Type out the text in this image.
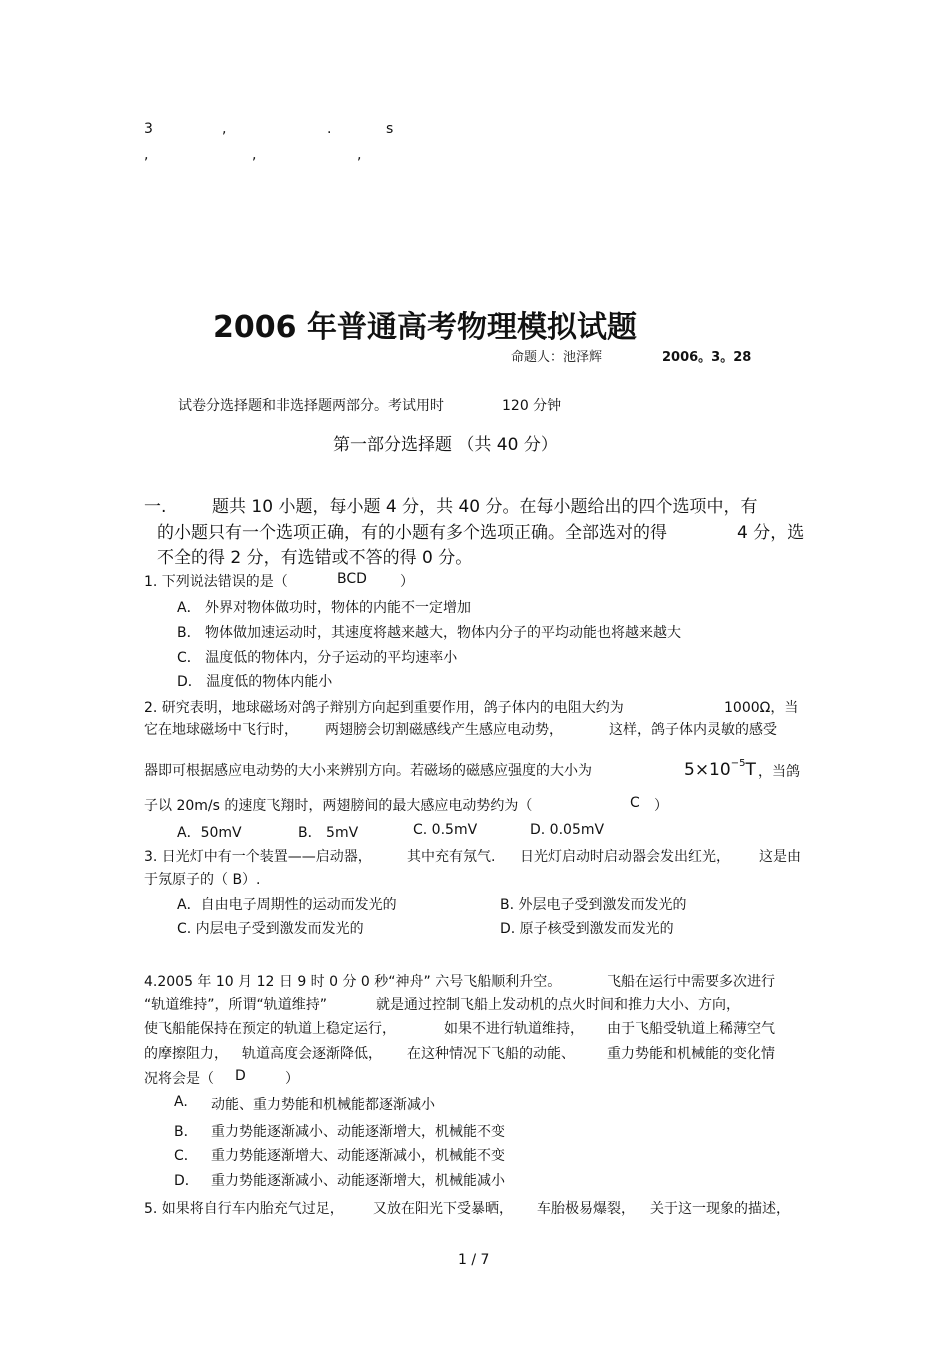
3	,	.	s
,	,	,
2006 年普通高考物理模拟试题
命题人：池泽辉	2006。3。28
试卷分选择题和非选择题两部分。考试用时	120 分钟
第一部分选择题 （共 40 分）
一.	题共 10 小题，每小题 4 分，共 40 分。在每小题给出的四个选项中，有
的小题只有一个选项正确，有的小题有多个选项正确。全部选对的得	4 分，选
不全的得 2 分，有选错或不答的得 0 分。
1. 下列说法错误的是（	BCD ）
A． 外界对物体做功时，物体的内能不一定增加
B． 物体做加速运动时，其速度将越来越大，物体内分子的平均动能也将越来越大
C． 温度低的物体内，分子运动的平均速率小
D． 温度低的物体内能小
2. 研究表明，地球磁场对鸽子辩别方向起到重要作用，鸽子体内的电阻大约为	1000Ω，当
它在地球磁场中飞行时， 两翅膀会切割磁感线产生感应电动势，	这样，鸽子体内灵敏的感受
器即可根据感应电动势的大小来辨别方向。若磁场的磁感应强度的大小为	$5\times 10^{-5}T$ ，当鸽
子以 20m/s 的速度飞翔时，两翅膀间的最大感应电动势约为（	C ）
A．50mV	B． 5mV	C. 0.5mV	D. 0.05mV
3. 日光灯中有一个装置——启动器，	其中充有氖气. 日光灯启动时启动器会发出红光， 这是由
于氖原子的（ B）.
A．自由电子周期性的运动而发光的	B. 外层电子受到激发而发光的
C. 内层电子受到激发而发光的	D. 原子核受到激发而发光的
4.2005 年 10 月 12 日 9 时 0 分 0 秒“神舟” 六号飞船顺利升空。	飞船在运行中需要多次进行
“轨道维持”，所谓“轨道维持”	就是通过控制飞船上发动机的点火时间和推力大小、方向，
使飞船能保持在预定的轨道上稳定运行，	如果不进行轨道维持， 由于飞船受轨道上稀薄空气
的摩擦阻力， 轨道高度会逐渐降低， 在这种情况下飞船的动能、 重力势能和机械能的变化情
况将会是（ D	）
A. 动能、重力势能和机械能都逐渐减小
B． 重力势能逐渐减小、动能逐渐增大，机械能不变
C． 重力势能逐渐增大、动能逐渐减小，机械能不变
D． 重力势能逐渐减小、动能逐渐增大，机械能减小
5. 如果将自行车内胎充气过足， 又放在阳光下受暴晒， 车胎极易爆裂， 关于这一现象的描述，
1 / 7
